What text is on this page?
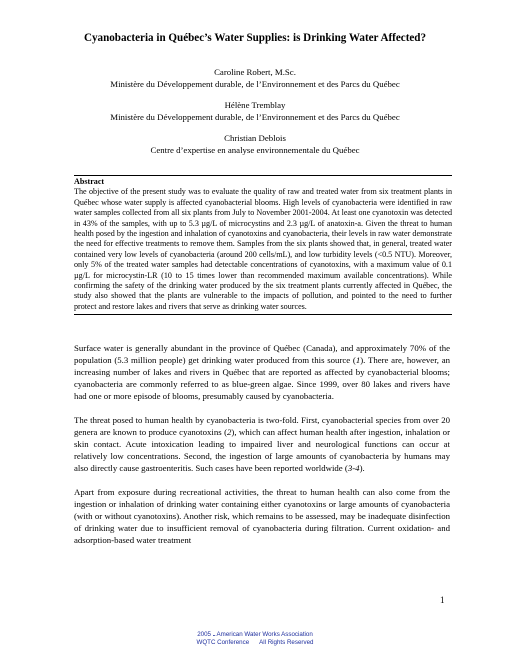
Cyanobacteria in Québec’s Water Supplies: is Drinking Water Affected?
Caroline Robert, M.Sc.
Ministère du Développement durable, de l’Environnement et des Parcs du Québec
Hélène Tremblay
Ministère du Développement durable, de l’Environnement et des Parcs du Québec
Christian Deblois
Centre d’expertise en analyse environnementale du Québec
Abstract

The objective of the present study was to evaluate the quality of raw and treated water from six treatment plants in Québec whose water supply is affected cyanobacterial blooms. High levels of cyanobacteria were identified in raw water samples collected from all six plants from July to November 2001-2004. At least one cyanotoxin was detected in 43% of the samples, with up to 5.3 µg/L of microcystins and 2.3 µg/L of anatoxin-a. Given the threat to human health posed by the ingestion and inhalation of cyanotoxins and cyanobacteria, their levels in raw water demonstrate the need for effective treatments to remove them. Samples from the six plants showed that, in general, treated water contained very low levels of cyanobacteria (around 200 cells/mL), and low turbidity levels (<0.5 NTU). Moreover, only 5% of the treated water samples had detectable concentrations of cyanotoxins, with a maximum value of 0.1 µg/L for microcystin-LR (10 to 15 times lower than recommended maximum available concentrations). While confirming the safety of the drinking water produced by the six treatment plants currently affected in Québec, the study also showed that the plants are vulnerable to the impacts of pollution, and pointed to the need to further protect and restore lakes and rivers that serve as drinking water sources.

Surface water is generally abundant in the province of Québec (Canada), and approximately 70% of the population (5.3 million people) get drinking water produced from this source (1). There are, however, an increasing number of lakes and rivers in Québec that are reported as affected by cyanobacterial blooms; cyanobacteria are commonly referred to as blue-green algae. Since 1999, over 80 lakes and rivers have had one or more episode of blooms, presumably caused by cyanobacteria.

The threat posed to human health by cyanobacteria is two-fold. First, cyanobacterial species from over 20 genera are known to produce cyanotoxins (2), which can affect human health after ingestion, inhalation or skin contact. Acute intoxication leading to impaired liver and neurological functions can occur at relatively low concentrations. Second, the ingestion of large amounts of cyanobacteria by humans may also directly cause gastroenteritis. Such cases have been reported worldwide (3-4).

Apart from exposure during recreational activities, the threat to human health can also come from the ingestion or inhalation of drinking water containing either cyanotoxins or large amounts of cyanobacteria (with or without cyanotoxins). Another risk, which remains to be assessed, may be inadequate disinfection of drinking water due to insufficient removal of cyanobacteria during filtration. Current oxidation- and adsorption-based water treatment

1
2005 .. American Water Works Association
WQTC Conference      All Rights Reserved
